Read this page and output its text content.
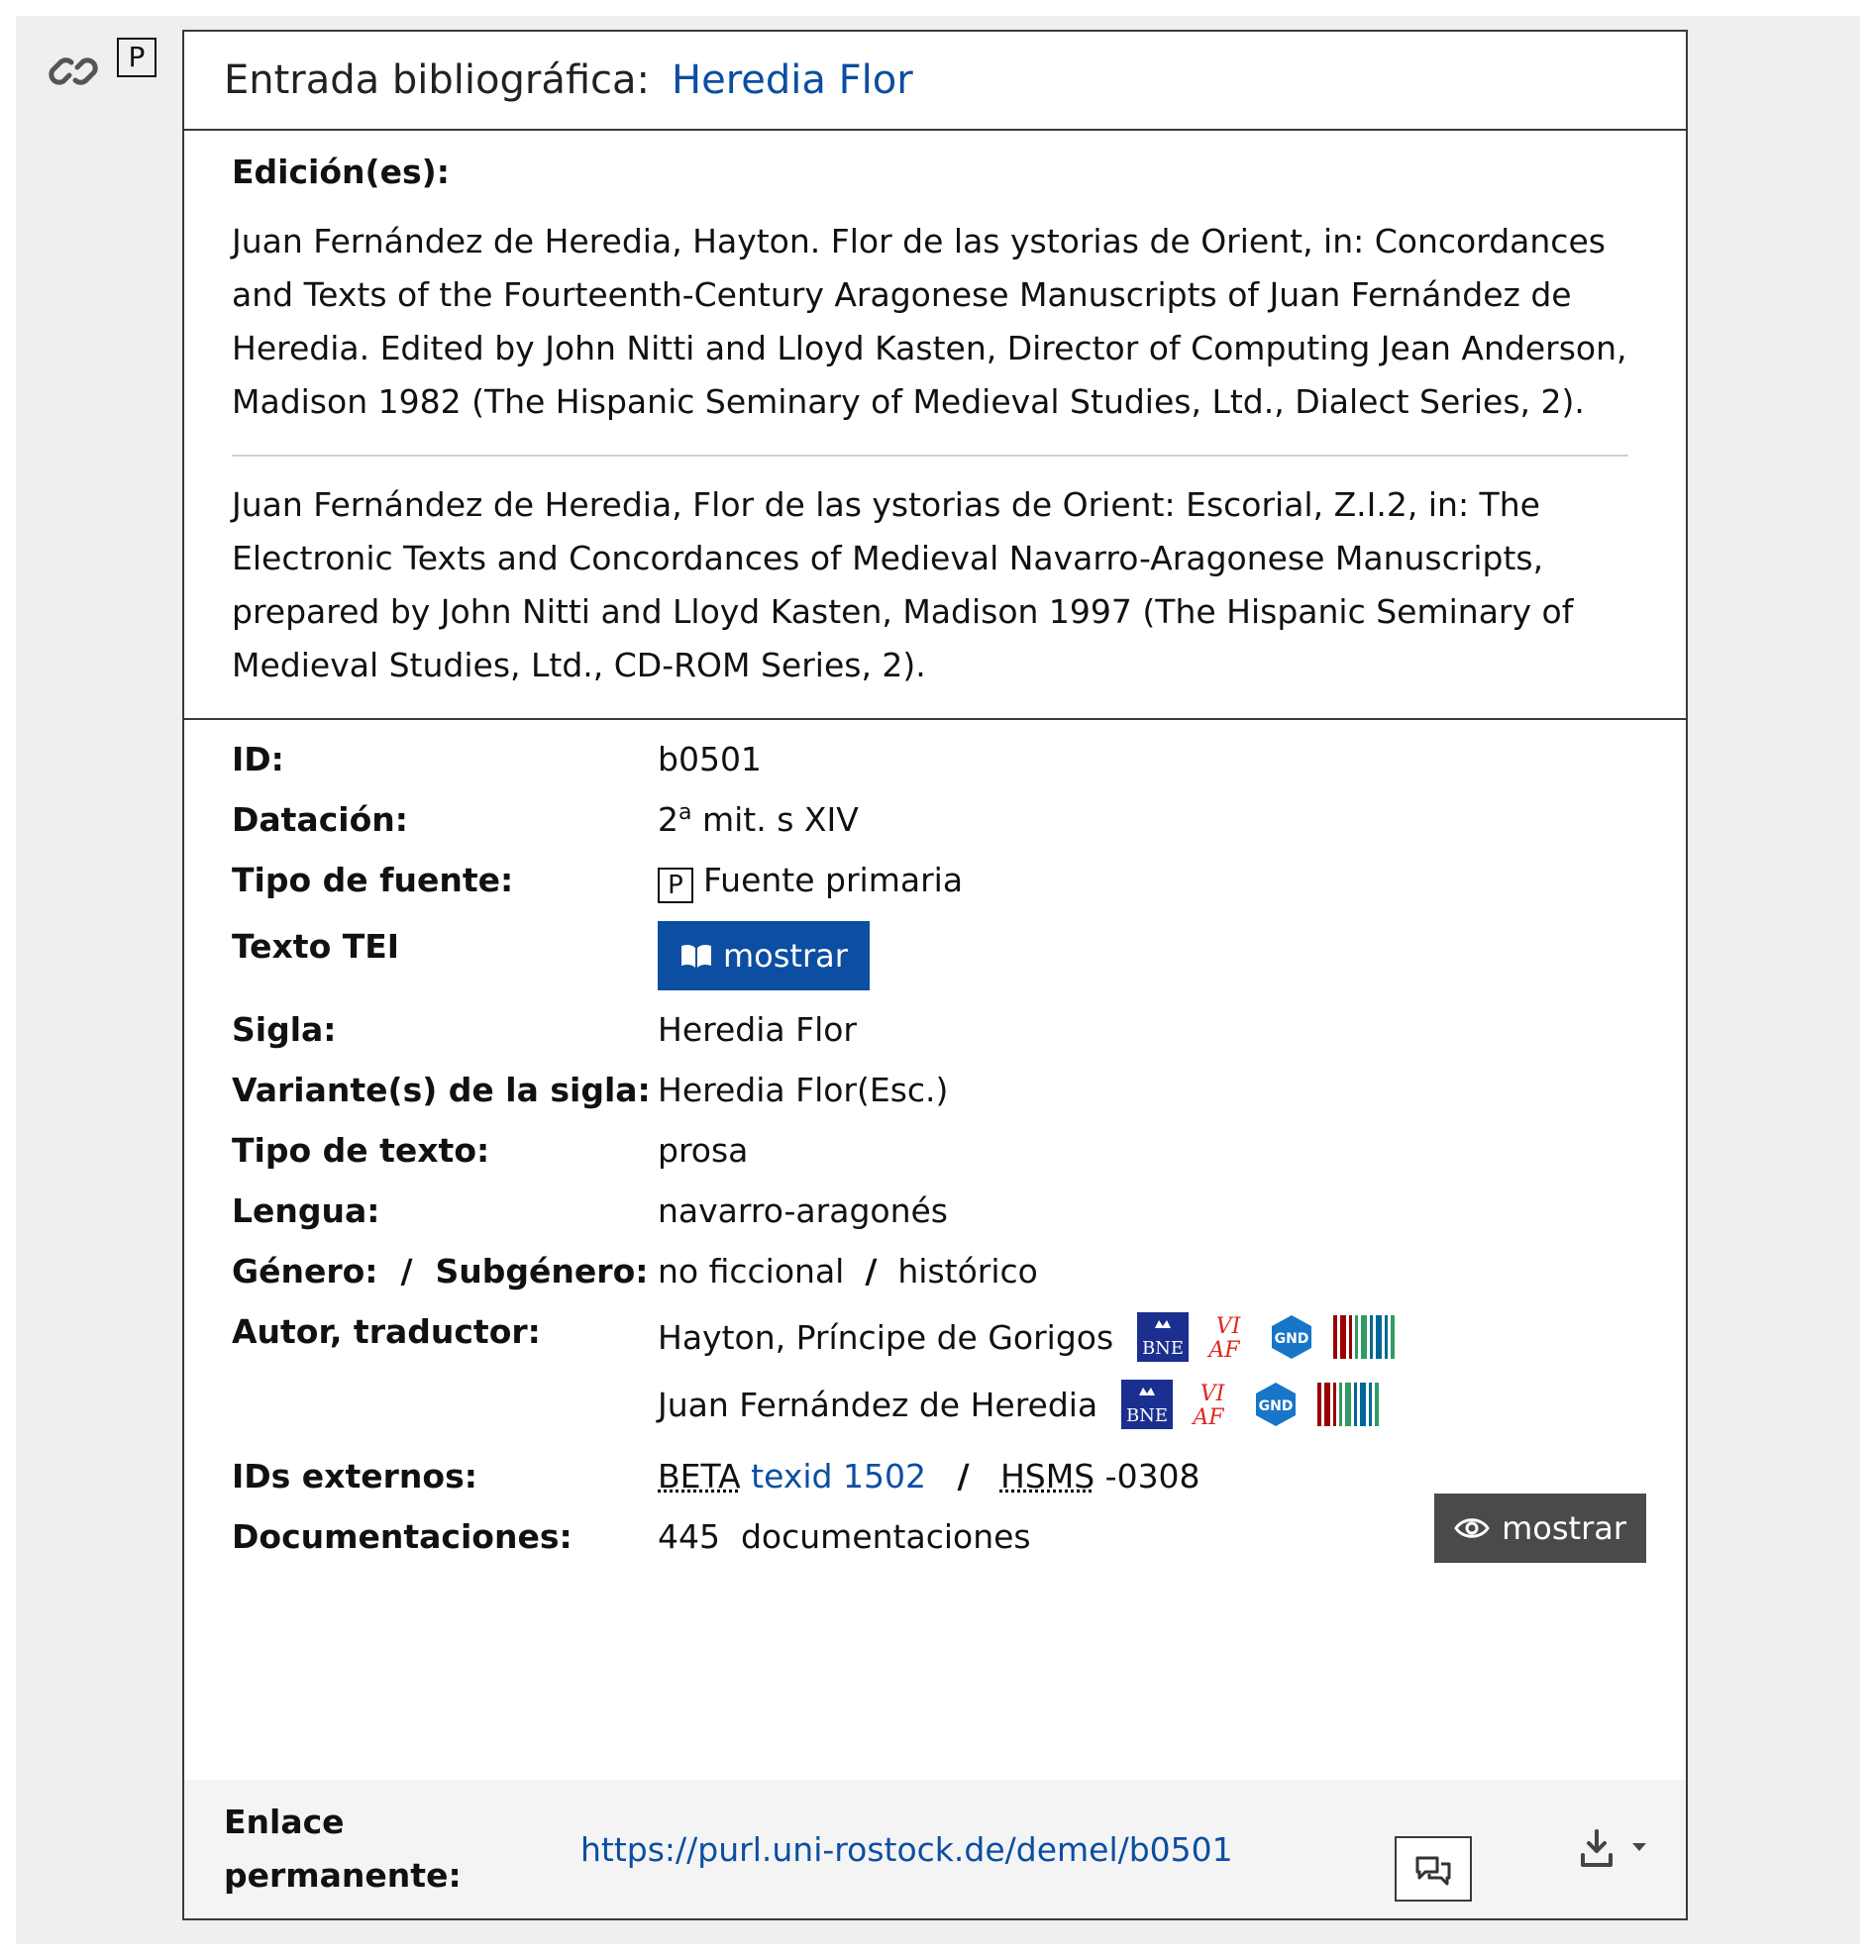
P
Entrada bibliográfica: Heredia Flor
Edición(es):
Juan Fernández de Heredia, Hayton. Flor de las ystorias de Orient, in: Concordances and Texts of the Fourteenth-Century Aragonese Manuscripts of Juan Fernández de Heredia. Edited by John Nitti and Lloyd Kasten, Director of Computing Jean Anderson, Madison 1982 (The Hispanic Seminary of Medieval Studies, Ltd., Dialect Series, 2).
Juan Fernández de Heredia, Flor de las ystorias de Orient: Escorial, Z.I.2, in: The Electronic Texts and Concordances of Medieval Navarro-Aragonese Manuscripts, prepared by John Nitti and Lloyd Kasten, Madison 1997 (The Hispanic Seminary of Medieval Studies, Ltd., CD-ROM Series, 2).
ID:	b0501
Datación:	2$^a$ mit. s XIV
Tipo de fuente:	P Fuente primaria
Texto TEI	mostrar
Sigla:	Heredia Flor
Variante(s) de la sigla: Heredia Flor(Esc.)
Tipo de texto:	prosa
Lengua:	navarro-aragonés
Género: / Subgénero: no ficcional / histórico
Autor, traductor:	Hayton, Príncipe de Gorigos BNE
VI
AF	GND
Juan Fernández de Heredia BNE
VI
AF	GND
IDs externos:	BETA texid 1502 / HSMS -0308
Documentaciones:	445 documentaciones	mostrar
Enlace
permanente:
https://purl.uni-rostock.de/demel/b0501
